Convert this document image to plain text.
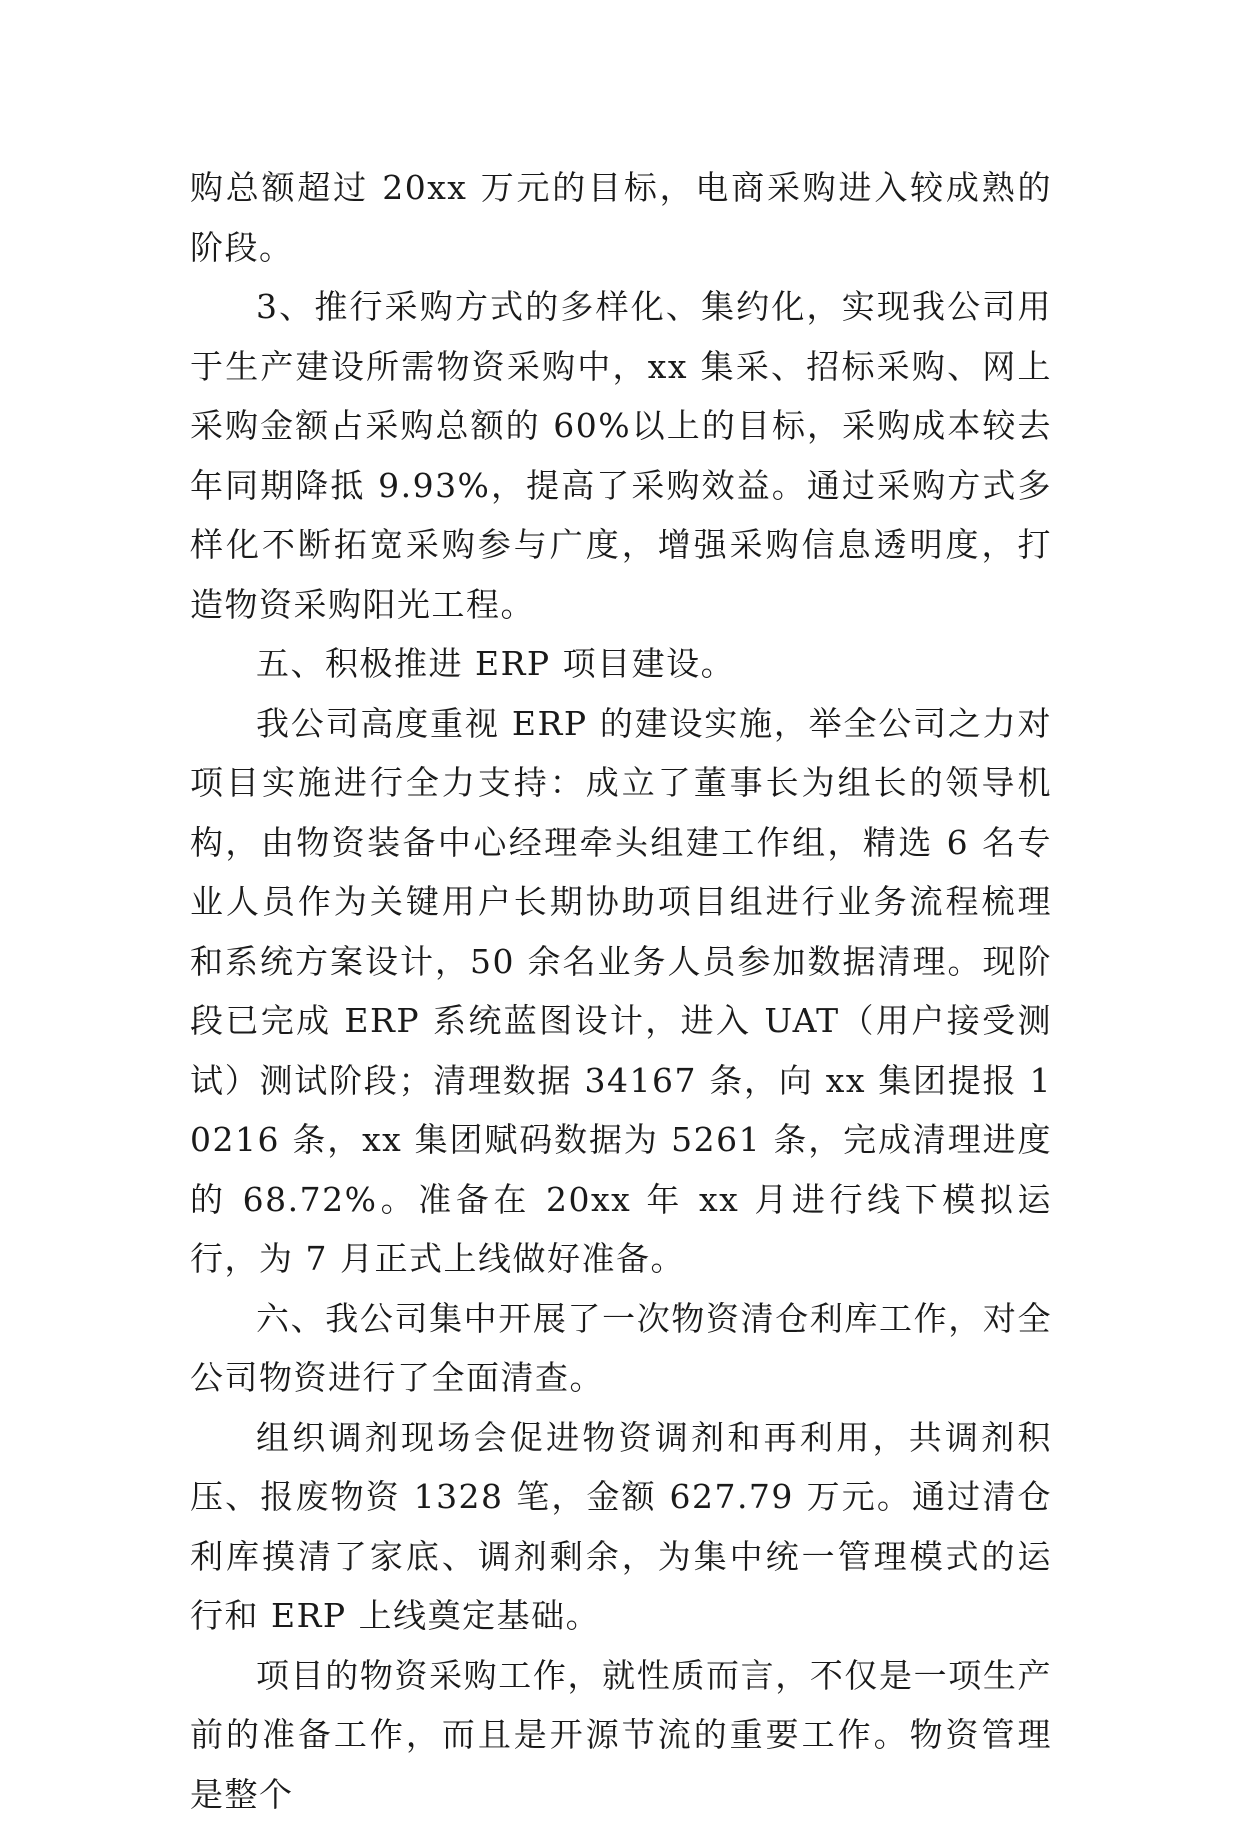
购总额超过 20xx 万元的目标，电商采购进入较成熟的阶段。

3、推行采购方式的多样化、集约化，实现我公司用于生产建设所需物资采购中，xx 集采、招标采购、网上采购金额占采购总额的 60%以上的目标，采购成本较去年同期降抵 9.93%，提高了采购效益。通过采购方式多样化不断拓宽采购参与广度，增强采购信息透明度，打造物资采购阳光工程。

五、积极推进 ERP 项目建设。

我公司高度重视 ERP 的建设实施，举全公司之力对项目实施进行全力支持：成立了董事长为组长的领导机构，由物资装备中心经理牵头组建工作组，精选 6 名专业人员作为关键用户长期协助项目组进行业务流程梳理和系统方案设计，50 余名业务人员参加数据清理。现阶段已完成 ERP 系统蓝图设计，进入 UAT（用户接受测试）测试阶段；清理数据 34167 条，向 xx 集团提报 10216 条，xx 集团赋码数据为 5261 条，完成清理进度的 68.72%。准备在 20xx 年 xx 月进行线下模拟运行，为 7 月正式上线做好准备。

六、我公司集中开展了一次物资清仓利库工作，对全公司物资进行了全面清查。

组织调剂现场会促进物资调剂和再利用，共调剂积压、报废物资 1328 笔，金额 627.79 万元。通过清仓利库摸清了家底、调剂剩余，为集中统一管理模式的运行和 ERP 上线奠定基础。

项目的物资采购工作，就性质而言，不仅是一项生产前的准备工作，而且是开源节流的重要工作。物资管理是整个
